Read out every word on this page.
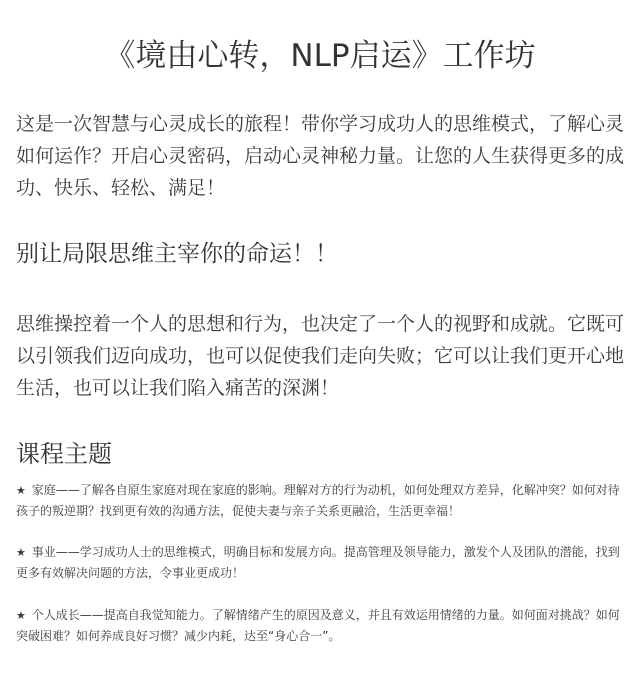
《境由心转，NLP启运》工作坊

这是一次智慧与心灵成长的旅程！带你学习成功人的思维模式，了解心灵如何运作？开启心灵密码，启动心灵神秘力量。让您的人生获得更多的成功、快乐、轻松、满足！

别让局限思维主宰你的命运！！

思维操控着一个人的思想和行为，也决定了一个人的视野和成就。它既可以引领我们迈向成功，也可以促使我们走向失败；它可以让我们更开心地生活，也可以让我们陷入痛苦的深渊！

课程主题

★ 家庭——了解各自原生家庭对现在家庭的影响。理解对方的行为动机，如何处理双方差异，化解冲突？如何对待孩子的叛逆期？找到更有效的沟通方法，促使夫妻与亲子关系更融洽，生活更幸福！

★ 事业——学习成功人士的思维模式，明确目标和发展方向。提高管理及领导能力，激发个人及团队的潜能，找到更多有效解决问题的方法，令事业更成功！

★ 个人成长——提高自我觉知能力。了解情绪产生的原因及意义，并且有效运用情绪的力量。如何面对挑战？如何突破困难？如何养成良好习惯？减少内耗，达至“身心合一”。
